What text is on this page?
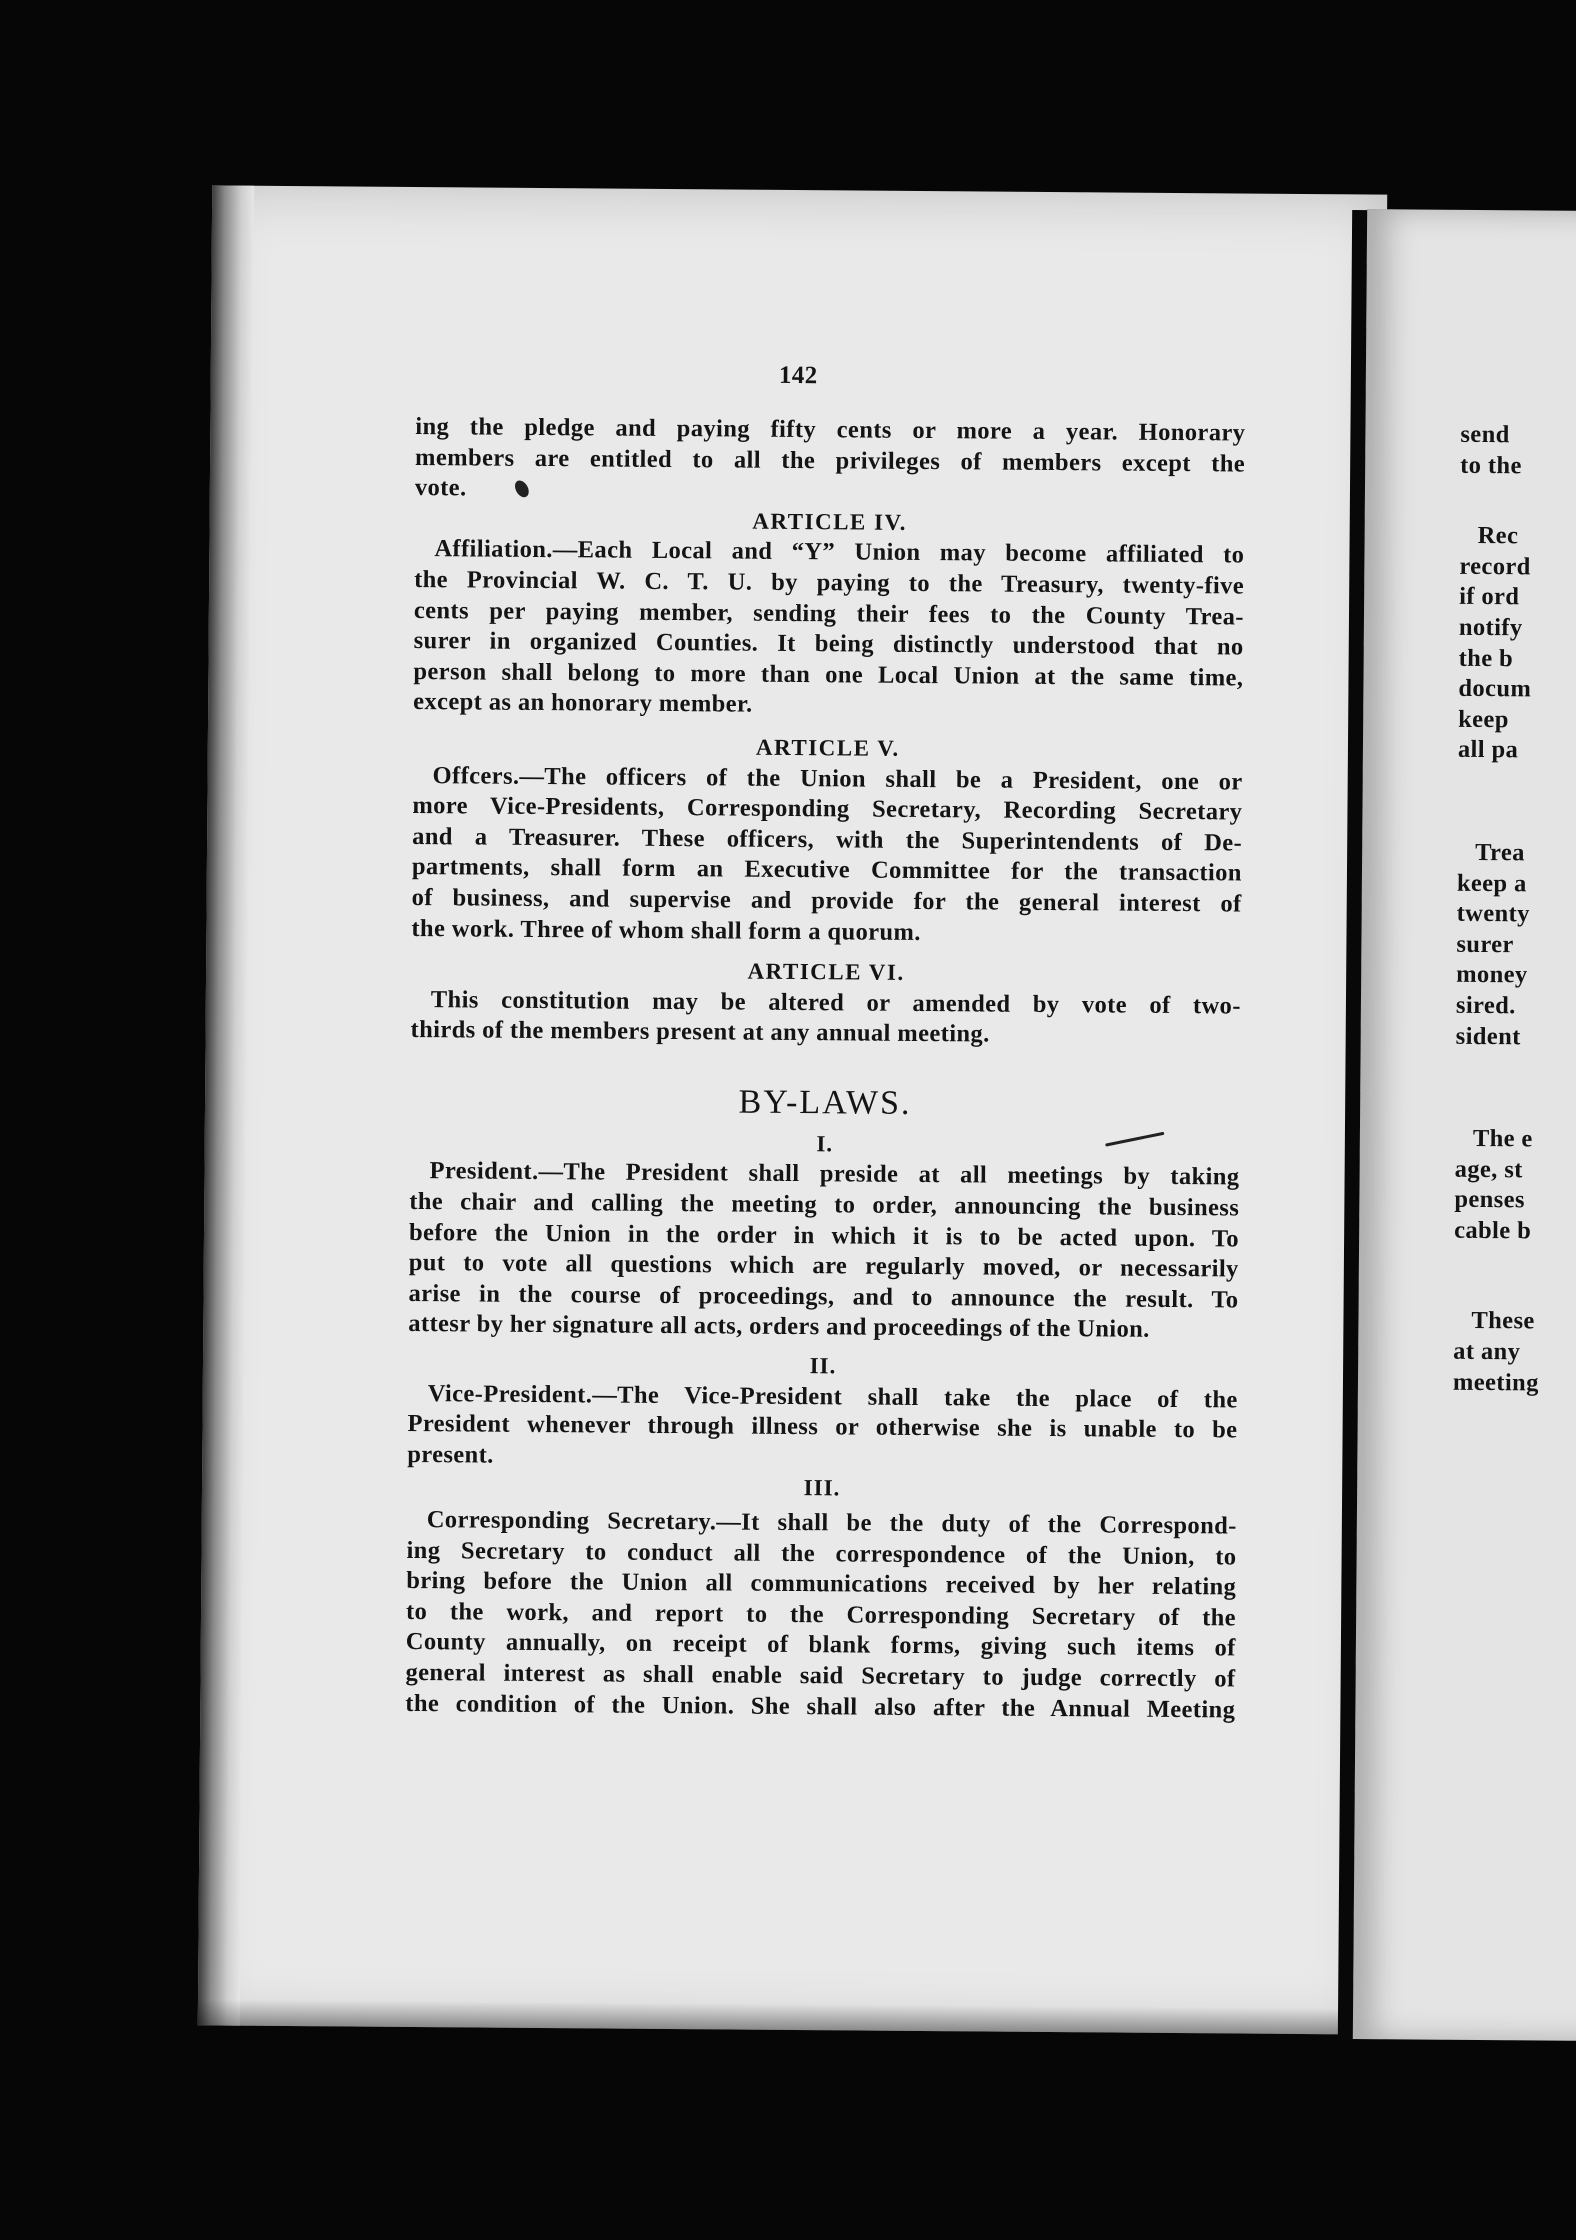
142
ing the pledge and paying fifty cents or more a year. Honorary
members are entitled to all the privileges of members except the
vote.
ARTICLE IV.
Affiliation.—Each Local and “Y” Union may become affiliated to
the Provincial W. C. T. U. by paying to the Treasury, twenty-five
cents per paying member, sending their fees to the County Trea-
surer in organized Counties. It being distinctly understood that no
person shall belong to more than one Local Union at the same time,
except as an honorary member.
ARTICLE V.
Offcers.—The officers of the Union shall be a President, one or
more Vice-Presidents, Corresponding Secretary, Recording Secretary
and a Treasurer. These officers, with the Superintendents of De-
partments, shall form an Executive Committee for the transaction
of business, and supervise and provide for the general interest of
the work. Three of whom shall form a quorum.
ARTICLE VI.
This constitution may be altered or amended by vote of two-
thirds of the members present at any annual meeting.
BY-LAWS.
I.
President.—The President shall preside at all meetings by taking
the chair and calling the meeting to order, announcing the business
before the Union in the order in which it is to be acted upon. To
put to vote all questions which are regularly moved, or necessarily
arise in the course of proceedings, and to announce the result. To
attesr by her signature all acts, orders and proceedings of the Union.
II.
Vice-President.—The Vice-President shall take the place of the
President whenever through illness or otherwise she is unable to be
present.
III.
Corresponding Secretary.—It shall be the duty of the Correspond-
ing Secretary to conduct all the correspondence of the Union, to
bring before the Union all communications received by her relating
to the work, and report to the Corresponding Secretary of the
County annually, on receipt of blank forms, giving such items of
general interest as shall enable said Secretary to judge correctly of
the condition of the Union. She shall also after the Annual Meeting
send
to the
Rec
record
if ord
notify
the b
docum
keep
all pa
Trea
keep a
twenty
surer
money
sired.
sident
The e
age, st
penses
cable b
These
at any
meeting
